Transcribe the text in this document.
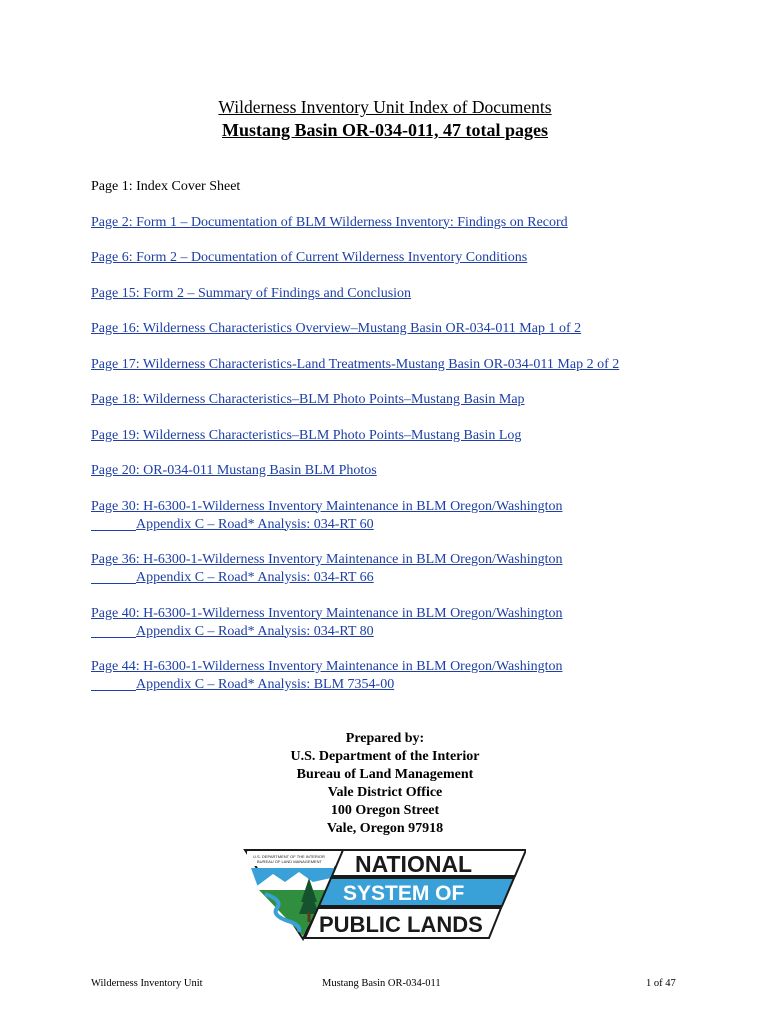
Wilderness Inventory Unit Index of Documents
Mustang Basin OR-034-011, 47 total pages
Page 1: Index Cover Sheet
Page 2: Form 1 – Documentation of BLM Wilderness Inventory: Findings on Record
Page 6: Form 2 – Documentation of Current Wilderness Inventory Conditions
Page 15: Form 2 – Summary of Findings and Conclusion
Page 16: Wilderness Characteristics Overview–Mustang Basin OR-034-011 Map 1 of 2
Page 17: Wilderness Characteristics-Land Treatments-Mustang Basin OR-034-011 Map 2 of 2
Page 18: Wilderness Characteristics–BLM Photo Points–Mustang Basin Map
Page 19: Wilderness Characteristics–BLM Photo Points–Mustang Basin Log
Page 20: OR-034-011 Mustang Basin BLM Photos
Page 30: H-6300-1-Wilderness Inventory Maintenance in BLM Oregon/Washington
Appendix C – Road* Analysis: 034-RT 60
Page 36: H-6300-1-Wilderness Inventory Maintenance in BLM Oregon/Washington
Appendix C – Road* Analysis: 034-RT 66
Page 40: H-6300-1-Wilderness Inventory Maintenance in BLM Oregon/Washington
Appendix C – Road* Analysis: 034-RT 80
Page 44: H-6300-1-Wilderness Inventory Maintenance in BLM Oregon/Washington
Appendix C – Road* Analysis: BLM 7354-00
Prepared by:
U.S. Department of the Interior
Bureau of Land Management
Vale District Office
100 Oregon Street
Vale, Oregon 97918
U.S. DEPARTMENT OF THE INTERIOR
BUREAU OF LAND MANAGEMENT NATIONAL
SYSTEM OF
PUBLIC LANDS
Wilderness Inventory Unit	Mustang Basin OR-034-011	1 of 47
